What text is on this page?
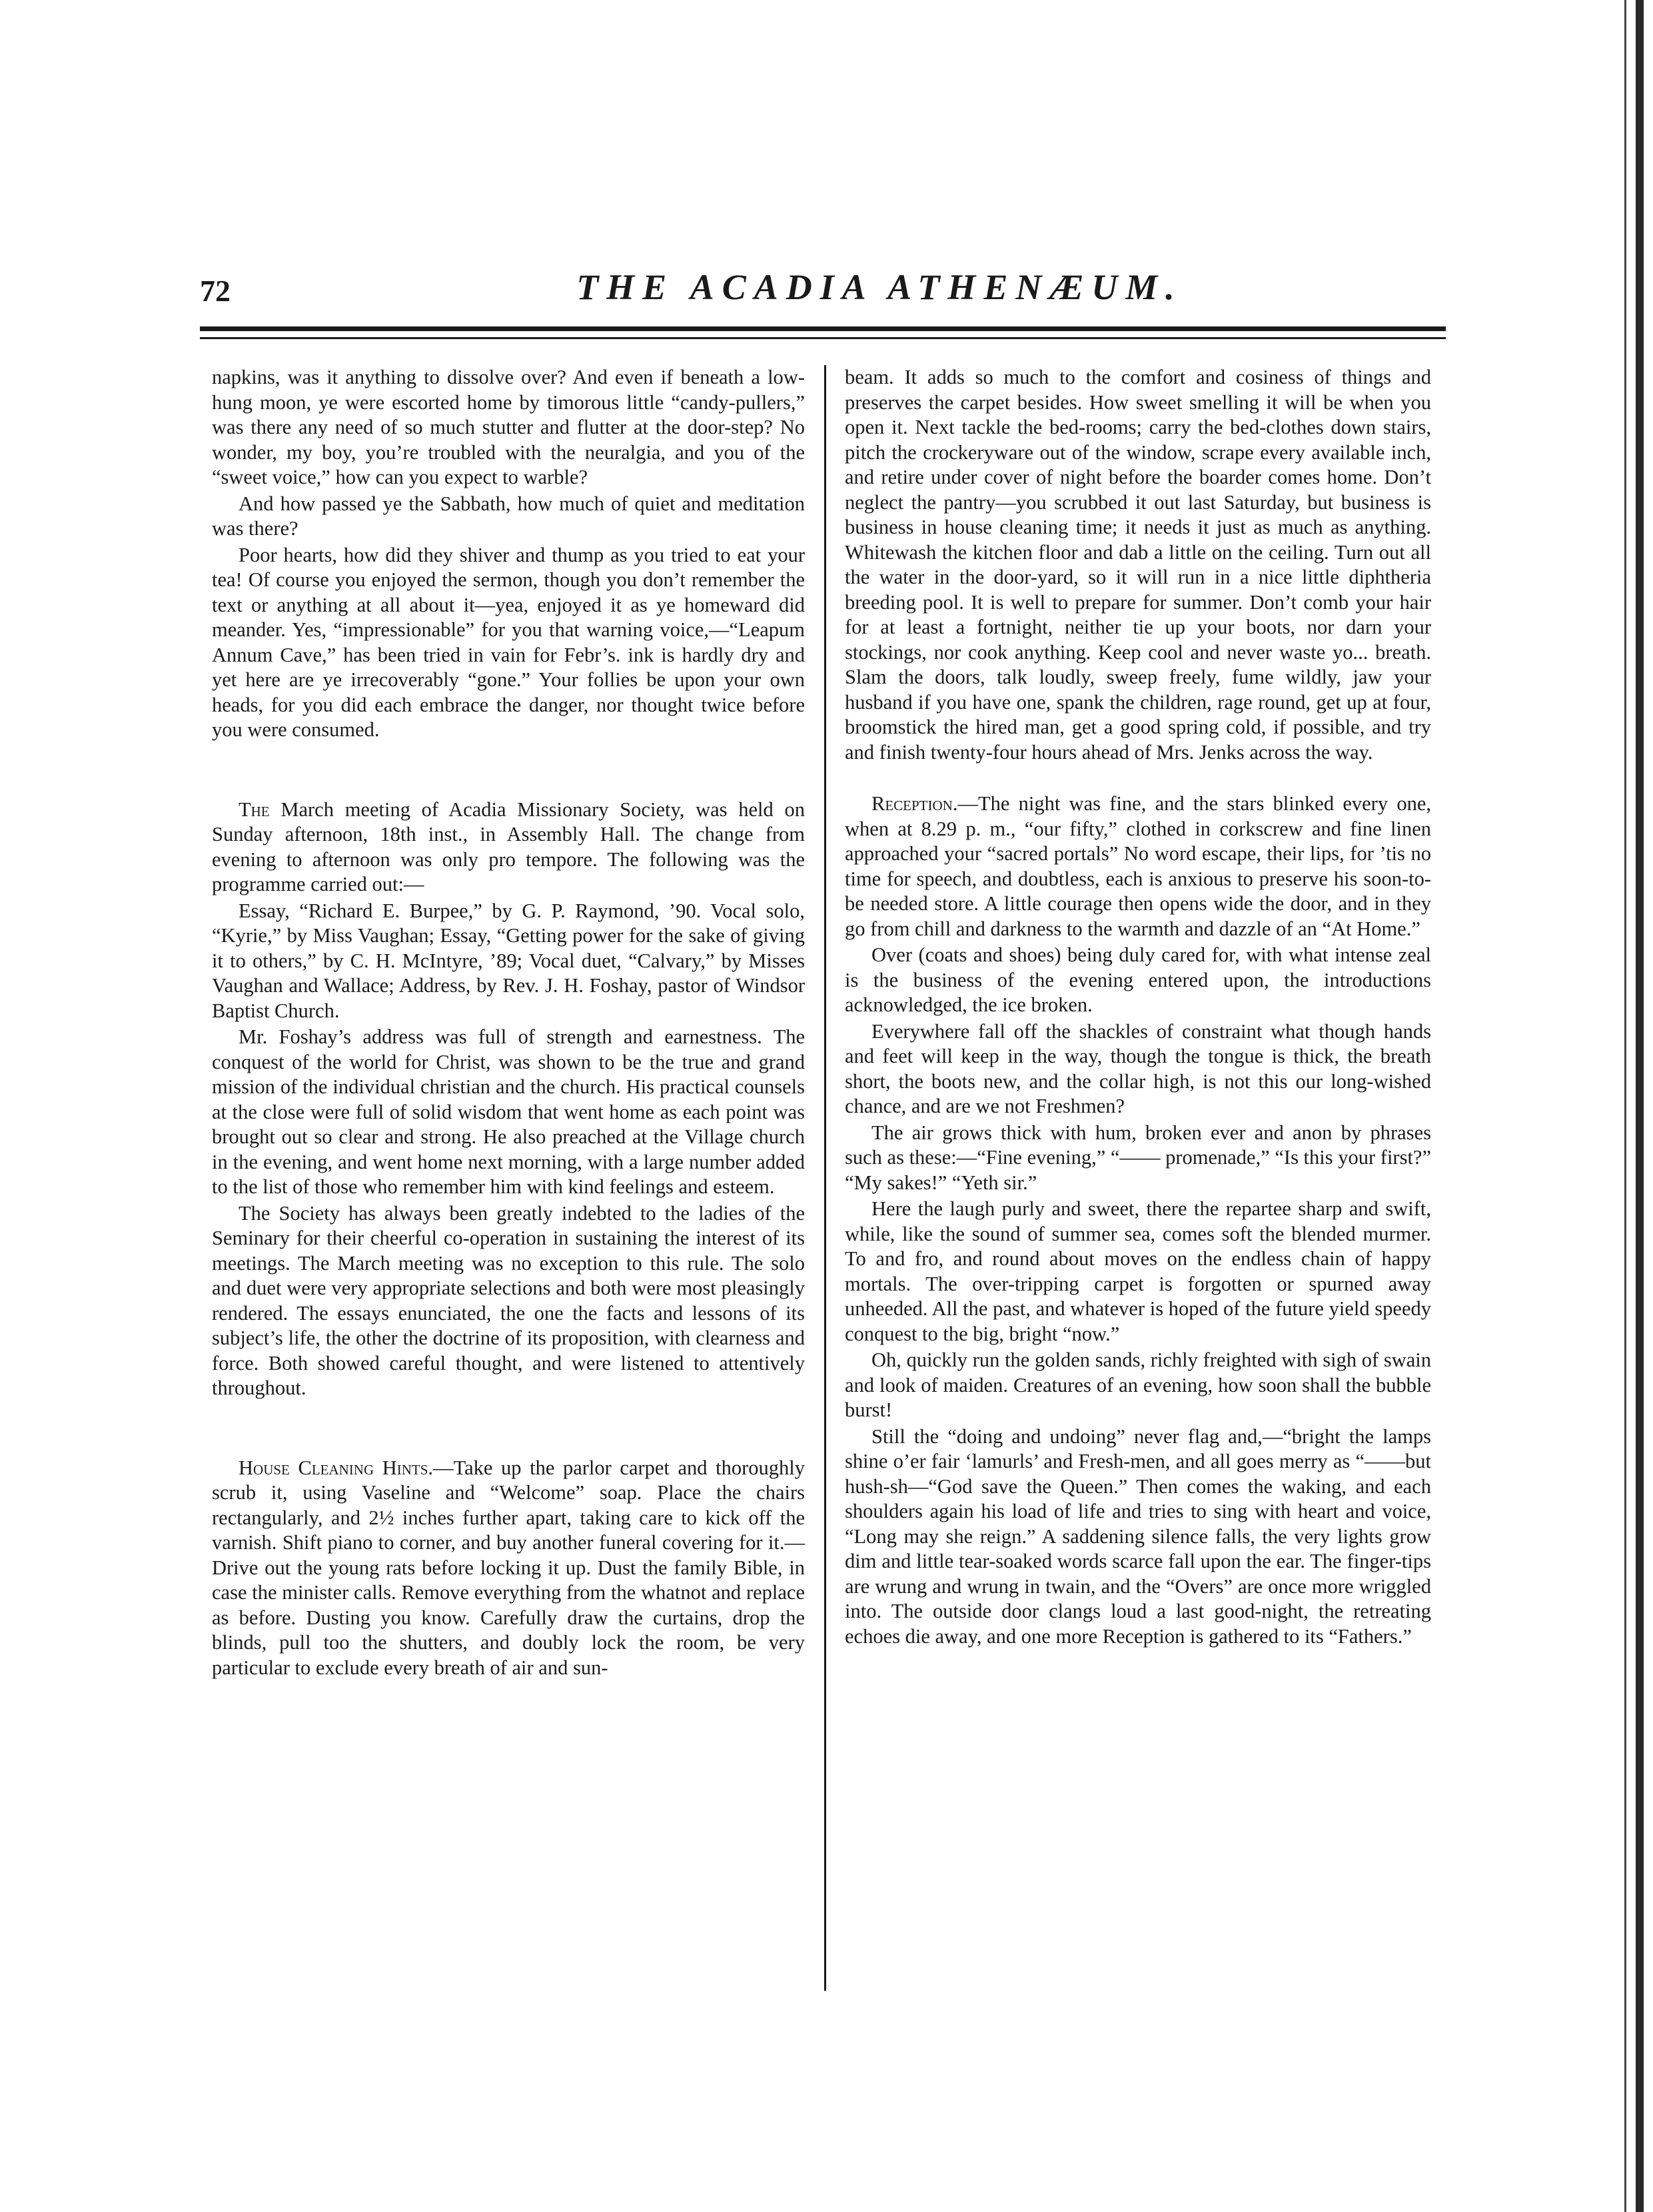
72	THE ACADIA ATHENÆUM.

napkins, was it anything to dissolve over? And even if beneath a low-hung moon, ye were escorted home by timorous little “candy-pullers,” was there any need of so much stutter and flutter at the door-step? No wonder, my boy, you’re troubled with the neuralgia, and you of the “sweet voice,” how can you expect to warble?

And how passed ye the Sabbath, how much of quiet and meditation was there?

Poor hearts, how did they shiver and thump as you tried to eat your tea! Of course you enjoyed the sermon, though you don’t remember the text or anything at all about it—yea, enjoyed it as ye homeward did meander. Yes, “impressionable” for you that warning voice,—“Leapum Annum Cave,” has been tried in vain for Febr’s. ink is hardly dry and yet here are ye irrecoverably “gone.” Your follies be upon your own heads, for you did each embrace the danger, nor thought twice before you were consumed.

The March meeting of Acadia Missionary Society, was held on Sunday afternoon, 18th inst., in Assembly Hall. The change from evening to afternoon was only pro tempore. The following was the programme carried out:—

Essay, “Richard E. Burpee,” by G. P. Raymond, ’90. Vocal solo, “Kyrie,” by Miss Vaughan; Essay, “Getting power for the sake of giving it to others,” by C. H. McIntyre, ’89; Vocal duet, “Calvary,” by Misses Vaughan and Wallace; Address, by Rev. J. H. Foshay, pastor of Windsor Baptist Church.

Mr. Foshay’s address was full of strength and earnestness. The conquest of the world for Christ, was shown to be the true and grand mission of the individual christian and the church. His practical counsels at the close were full of solid wisdom that went home as each point was brought out so clear and strong. He also preached at the Village church in the evening, and went home next morning, with a large number added to the list of those who remember him with kind feelings and esteem.

The Society has always been greatly indebted to the ladies of the Seminary for their cheerful co-operation in sustaining the interest of its meetings. The March meeting was no exception to this rule. The solo and duet were very appropriate selections and both were most pleasingly rendered. The essays enunciated, the one the facts and lessons of its subject’s life, the other the doctrine of its proposition, with clearness and force. Both showed careful thought, and were listened to attentively throughout.

House Cleaning Hints.—Take up the parlor carpet and thoroughly scrub it, using Vaseline and “Welcome” soap. Place the chairs rectangularly, and 2½ inches further apart, taking care to kick off the varnish. Shift piano to corner, and buy another funeral covering for it.—Drive out the young rats before locking it up. Dust the family Bible, in case the minister calls. Remove everything from the whatnot and replace as before. Dusting you know. Carefully draw the curtains, drop the blinds, pull too the shutters, and doubly lock the room, be very particular to exclude every breath of air and sun-

beam. It adds so much to the comfort and cosiness of things and preserves the carpet besides. How sweet smelling it will be when you open it. Next tackle the bed-rooms; carry the bed-clothes down stairs, pitch the crockeryware out of the window, scrape every available inch, and retire under cover of night before the boarder comes home. Don’t neglect the pantry—you scrubbed it out last Saturday, but business is business in house cleaning time; it needs it just as much as anything. Whitewash the kitchen floor and dab a little on the ceiling. Turn out all the water in the door-yard, so it will run in a nice little diphtheria breeding pool. It is well to prepare for summer. Don’t comb your hair for at least a fortnight, neither tie up your boots, nor darn your stockings, nor cook anything. Keep cool and never waste yo... breath. Slam the doors, talk loudly, sweep freely, fume wildly, jaw your husband if you have one, spank the children, rage round, get up at four, broomstick the hired man, get a good spring cold, if possible, and try and finish twenty-four hours ahead of Mrs. Jenks across the way.

Reception.—The night was fine, and the stars blinked every one, when at 8.29 p. m., “our fifty,” clothed in corkscrew and fine linen approached your “sacred portals” No word escape, their lips, for ’tis no time for speech, and doubtless, each is anxious to preserve his soon-to-be needed store. A little courage then opens wide the door, and in they go from chill and darkness to the warmth and dazzle of an “At Home.”

Over (coats and shoes) being duly cared for, with what intense zeal is the business of the evening entered upon, the introductions acknowledged, the ice broken.

Everywhere fall off the shackles of constraint what though hands and feet will keep in the way, though the tongue is thick, the breath short, the boots new, and the collar high, is not this our long-wished chance, and are we not Freshmen?

The air grows thick with hum, broken ever and anon by phrases such as these:—“Fine evening,” “—— promenade,” “Is this your first?” “My sakes!” “Yeth sir.”

Here the laugh purly and sweet, there the repartee sharp and swift, while, like the sound of summer sea, comes soft the blended murmer. To and fro, and round about moves on the endless chain of happy mortals. The over-tripping carpet is forgotten or spurned away unheeded. All the past, and whatever is hoped of the future yield speedy conquest to the big, bright “now.”

Oh, quickly run the golden sands, richly freighted with sigh of swain and look of maiden. Creatures of an evening, how soon shall the bubble burst!

Still the “doing and undoing” never flag and,—“bright the lamps shine o’er fair ‘lamurls’ and Fresh-men, and all goes merry as “——but hush-sh—“God save the Queen.” Then comes the waking, and each shoulders again his load of life and tries to sing with heart and voice, “Long may she reign.” A saddening silence falls, the very lights grow dim and little tear-soaked words scarce fall upon the ear. The finger-tips are wrung and wrung in twain, and the “Overs” are once more wriggled into. The outside door clangs loud a last good-night, the retreating echoes die away, and one more Reception is gathered to its “Fathers.”
